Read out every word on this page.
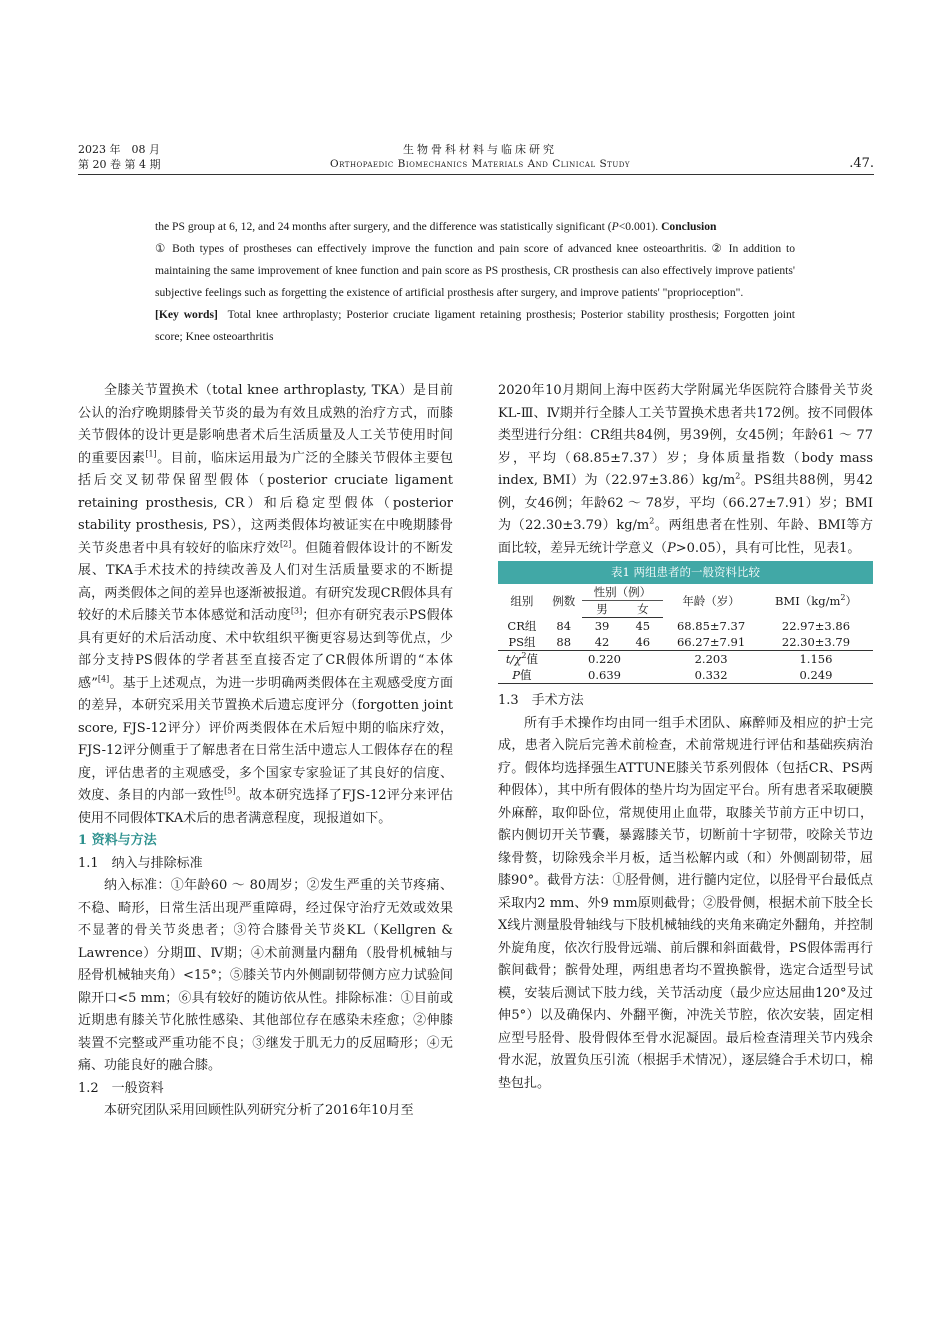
2023 年　08 月
第 20 卷 第 4 期
生物骨科材料与临床研究
Orthopaedic Biomechanics Materials And Clinical Study	.47.
the PS group at 6, 12, and 24 months after surgery, and the difference was statistically significant (P<0.001). Conclusion
① Both types of prostheses can effectively improve the function and pain score of advanced knee osteoarthritis. ② In addition to maintaining the same improvement of knee function and pain score as PS prosthesis, CR prosthesis can also effectively improve patients' subjective feelings such as forgetting the existence of artificial prosthesis after surgery, and improve patients' "proprioception".
[Key words] Total knee arthroplasty; Posterior cruciate ligament retaining prosthesis; Posterior stability prosthesis; Forgotten joint score; Knee osteoarthritis

全膝关节置换术（total knee arthroplasty, TKA）是目前公认的治疗晚期膝骨关节炎的最为有效且成熟的治疗方式，而膝关节假体的设计更是影响患者术后生活质量及人工关节使用时间的重要因素[1]。目前，临床运用最为广泛的全膝关节假体主要包括后交叉韧带保留型假体（posterior cruciate ligament retaining prosthesis, CR）和后稳定型假体（posterior stability prosthesis, PS），这两类假体均被证实在中晚期膝骨关节炎患者中具有较好的临床疗效[2]。但随着假体设计的不断发展、TKA手术技术的持续改善及人们对生活质量要求的不断提高，两类假体之间的差异也逐渐被报道。有研究发现CR假体具有较好的术后膝关节本体感觉和活动度[3]；但亦有研究表示PS假体具有更好的术后活动度、术中软组织平衡更容易达到等优点，少部分支持PS假体的学者甚至直接否定了CR假体所谓的“本体感”[4]。基于上述观点，为进一步明确两类假体在主观感受度方面的差异，本研究采用关节置换术后遗忘度评分（forgotten joint score, FJS-12评分）评价两类假体在术后短中期的临床疗效，FJS-12评分侧重于了解患者在日常生活中遗忘人工假体存在的程度，评估患者的主观感受，多个国家专家验证了其良好的信度、效度、条目的内部一致性[5]。故本研究选择了FJS-12评分来评估使用不同假体TKA术后的患者满意程度，现报道如下。

1 资料与方法
1.1　纳入与排除标准

纳入标准：①年龄60 ～ 80周岁；②发生严重的关节疼痛、不稳、畸形，日常生活出现严重障碍，经过保守治疗无效或效果不显著的骨关节炎患者；③符合膝骨关节炎KL（Kellgren & Lawrence）分期Ⅲ、Ⅳ期；④术前测量内翻角（股骨机械轴与胫骨机械轴夹角）<15°；⑤膝关节内外侧副韧带侧方应力试验间隙开口<5 mm；⑥具有较好的随访依从性。排除标准：①目前或近期患有膝关节化脓性感染、其他部位存在感染未痊愈；②伸膝装置不完整或严重功能不良；③继发于肌无力的反屈畸形；④无痛、功能良好的融合膝。

1.2　一般资料

本研究团队采用回顾性队列研究分析了2016年10月至

2020年10月期间上海中医药大学附属光华医院符合膝骨关节炎KL-Ⅲ、Ⅳ期并行全膝人工关节置换术患者共172例。按不同假体类型进行分组：CR组共84例，男39例，女45例；年龄61 ～ 77岁，平均（68.85±7.37）岁；身体质量指数（body mass index, BMI）为$(22.97\pm 3.86)kg/m^2$。PS组共88例，男42例，女46例；年龄62 ～ 78岁，平均（66.27±7.91）岁；BMI为$(22.30\pm 3.79)kg/m^2$。两组患者在性别、年龄、BMI等方面比较，差异无统计学意义（P>0.05），具有可比性，见表1。

表1 两组患者的一般资料比较
组别	例数	性别（例）		年龄（岁）	$BMI(kg/m^2)$
		男	女		
CR组	84	39	45	68.85±7.37	22.97±3.86
PS组	88	42	46	66.27±7.91	22.30±3.79
$t/\chi^2$值	0.220			2.203	1.156
P值	0.639			0.332	0.249
1.3　手术方法

所有手术操作均由同一组手术团队、麻醉师及相应的护士完成，患者入院后完善术前检查，术前常规进行评估和基础疾病治疗。假体均选择强生ATTUNE膝关节系列假体（包括CR、PS两种假体），其中所有假体的垫片均为固定平台。所有患者采取硬膜外麻醉，取仰卧位，常规使用止血带，取膝关节前方正中切口，髌内侧切开关节囊，暴露膝关节，切断前十字韧带，咬除关节边缘骨赘，切除残余半月板，适当松解内或（和）外侧副韧带，屈膝90°。截骨方法：①胫骨侧，进行髓内定位，以胫骨平台最低点采取内2 mm、外9 mm原则截骨；②股骨侧，根据术前下肢全长X线片测量股骨轴线与下肢机械轴线的夹角来确定外翻角，并控制外旋角度，依次行股骨远端、前后髁和斜面截骨，PS假体需再行髌间截骨；髌骨处理，两组患者均不置换髌骨，选定合适型号试模，安装后测试下肢力线，关节活动度（最少应达屈曲120°及过伸5°）以及确保内、外翻平衡，冲洗关节腔，依次安装，固定相应型号胫骨、股骨假体至骨水泥凝固。最后检查清理关节内残余骨水泥，放置负压引流（根据手术情况），逐层缝合手术切口，棉垫包扎。
